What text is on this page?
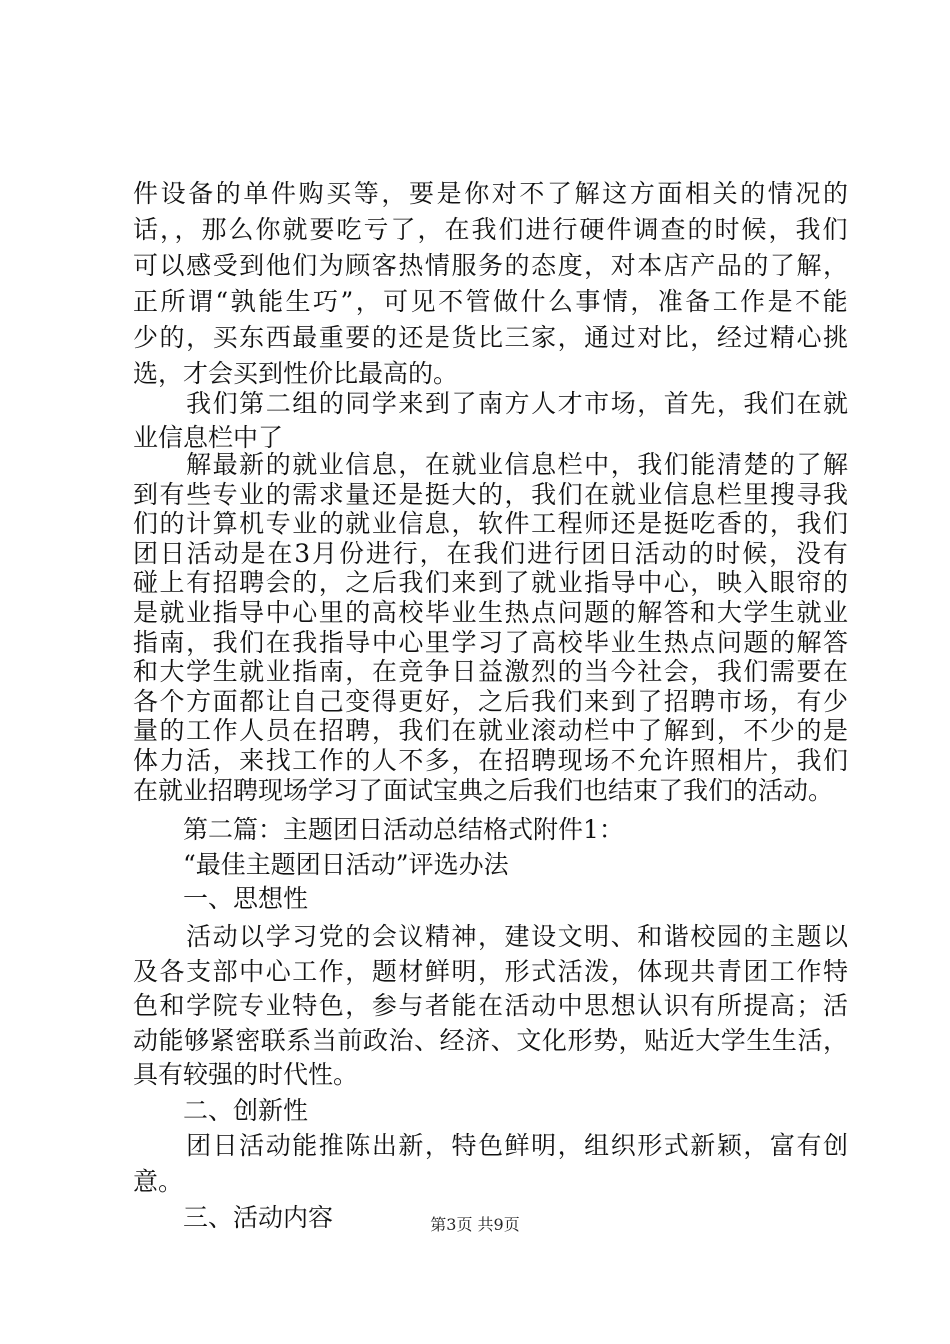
件设备的单件购买等，要是你对不了解这方面相关的情况的
话，，那么你就要吃亏了，在我们进行硬件调查的时候，我们
可以感受到他们为顾客热情服务的态度，对本店产品的了解，
正所谓“孰能生巧”，可见不管做什么事情，准备工作是不能
少的，买东西最重要的还是货比三家，通过对比，经过精心挑
选，才会买到性价比最高的。
　　我们第二组的同学来到了南方人才市场，首先，我们在就
业信息栏中了
　　解最新的就业信息，在就业信息栏中，我们能清楚的了解
到有些专业的需求量还是挺大的，我们在就业信息栏里搜寻我
们的计算机专业的就业信息，软件工程师还是挺吃香的，我们
团日活动是在3月份进行，在我们进行团日活动的时候，没有
碰上有招聘会的，之后我们来到了就业指导中心，映入眼帘的
是就业指导中心里的高校毕业生热点问题的解答和大学生就业
指南，我们在我指导中心里学习了高校毕业生热点问题的解答
和大学生就业指南，在竞争日益激烈的当今社会，我们需要在
各个方面都让自己变得更好，之后我们来到了招聘市场，有少
量的工作人员在招聘，我们在就业滚动栏中了解到，不少的是
体力活，来找工作的人不多，在招聘现场不允许照相片，我们
在就业招聘现场学习了面试宝典之后我们也结束了我们的活动。
　　第二篇：主题团日活动总结格式附件1：
　　“最佳主题团日活动”评选办法
　　一、思想性
　　活动以学习党的会议精神，建设文明、和谐校园的主题以
及各支部中心工作，题材鲜明，形式活泼，体现共青团工作特
色和学院专业特色，参与者能在活动中思想认识有所提高；活
动能够紧密联系当前政治、经济、文化形势，贴近大学生生活，
具有较强的时代性。
　　二、创新性
　　团日活动能推陈出新，特色鲜明，组织形式新颖，富有创
意。
　　三、活动内容	第3页 共9页
